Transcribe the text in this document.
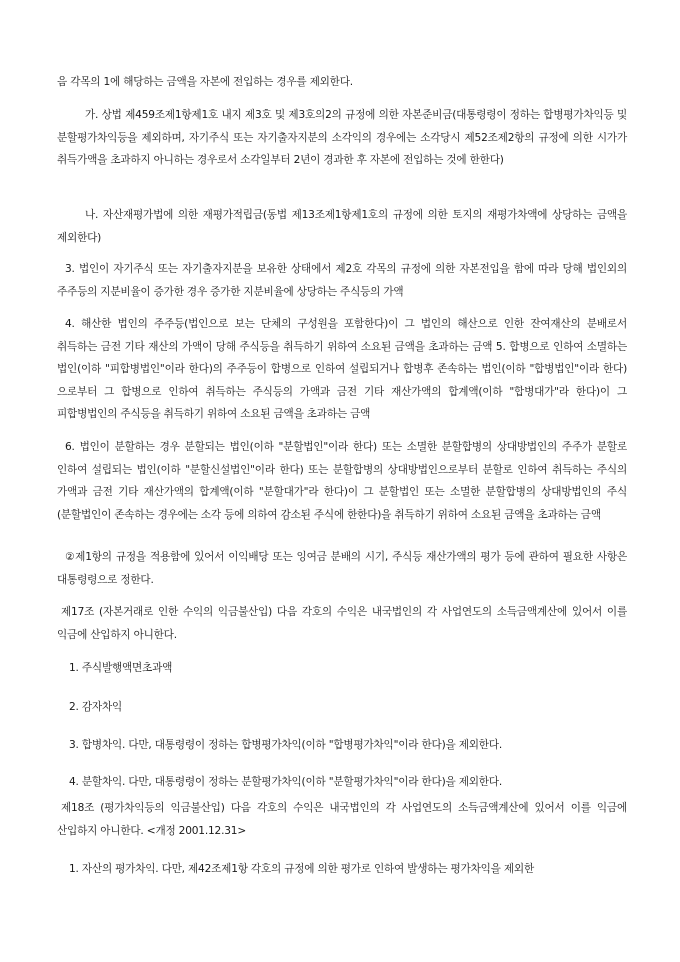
음 각목의 1에 해당하는 금액을 자본에 전입하는 경우를 제외한다.

가. 상법 제459조제1항제1호 내지 제3호 및 제3호의2의 규정에 의한 자본준비금(대통령령이 정하는 합병평가차익등 및 분할평가차익등을 제외하며, 자기주식 또는 자기출자지분의 소각익의 경우에는 소각당시 제52조제2항의 규정에 의한 시가가 취득가액을 초과하지 아니하는 경우로서 소각일부터 2년이 경과한 후 자본에 전입하는 것에 한한다)

나. 자산재평가법에 의한 재평가적립금(동법 제13조제1항제1호의 규정에 의한 토지의 재평가차액에 상당하는 금액을 제외한다)

3. 법인이 자기주식 또는 자기출자지분을 보유한 상태에서 제2호 각목의 규정에 의한 자본전입을 함에 따라 당해 법인외의 주주등의 지분비율이 증가한 경우 증가한 지분비율에 상당하는 주식등의 가액

4. 해산한 법인의 주주등(법인으로 보는 단체의 구성원을 포함한다)이 그 법인의 해산으로 인한 잔여재산의 분배로서 취득하는 금전 기타 재산의 가액이 당해 주식등을 취득하기 위하여 소요된 금액을 초과하는 금액 5. 합병으로 인하여 소멸하는 법인(이하 "피합병법인"이라 한다)의 주주등이 합병으로 인하여 설립되거나 합병후 존속하는 법인(이하 "합병법인"이라 한다)으로부터 그 합병으로 인하여 취득하는 주식등의 가액과 금전 기타 재산가액의 합계액(이하 "합병대가"라 한다)이 그 피합병법인의 주식등을 취득하기 위하여 소요된 금액을 초과하는 금액

6. 법인이 분할하는 경우 분할되는 법인(이하 "분할법인"이라 한다) 또는 소멸한 분할합병의 상대방법인의 주주가 분할로 인하여 설립되는 법인(이하 "분할신설법인"이라 한다) 또는 분할합병의 상대방법인으로부터 분할로 인하여 취득하는 주식의 가액과 금전 기타 재산가액의 합계액(이하 "분할대가"라 한다)이 그 분할법인 또는 소멸한 분할합병의 상대방법인의 주식(분할법인이 존속하는 경우에는 소각 등에 의하여 감소된 주식에 한한다)을 취득하기 위하여 소요된 금액을 초과하는 금액

②제1항의 규정을 적용함에 있어서 이익배당 또는 잉여금 분배의 시기, 주식등 재산가액의 평가 등에 관하여 필요한 사항은 대통령령으로 정한다.

제17조 (자본거래로 인한 수익의 익금불산입) 다음 각호의 수익은 내국법인의 각 사업연도의 소득금액계산에 있어서 이를 익금에 산입하지 아니한다.

1. 주식발행액면초과액

2. 감자차익

3. 합병차익. 다만, 대통령령이 정하는 합병평가차익(이하 "합병평가차익"이라 한다)을 제외한다.

4. 분할차익. 다만, 대통령령이 정하는 분할평가차익(이하 "분할평가차익"이라 한다)을 제외한다.

제18조 (평가차익등의 익금불산입) 다음 각호의 수익은 내국법인의 각 사업연도의 소득금액계산에 있어서 이를 익금에 산입하지 아니한다. <개정 2001.12.31>

1. 자산의 평가차익. 다만, 제42조제1항 각호의 규정에 의한 평가로 인하여 발생하는 평가차익을 제외한
